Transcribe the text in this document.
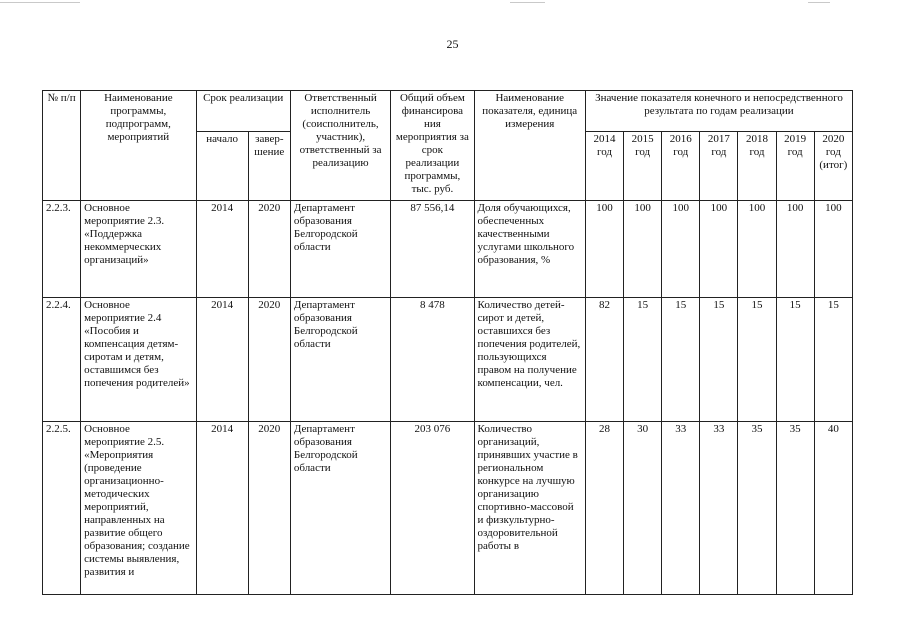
25
№ п/п	Наименование программы, подпрограмм, мероприятий	Срок реализации		Ответственный исполнитель (соисполнитель, участник), ответственный за реализацию	Общий объем финансирова ния мероприятия за срок реализации программы, тыс. руб.	Наименование показателя, единица измерения	Значение показателя конечного и непосредственного результата по годам реализации						
		начало	завер-шение				2014 год	2015 год	2016 год	2017 год	2018 год	2019 год	2020 год (итог)
2.2.3.	Основное мероприятие 2.3. «Поддержка некоммерческих организаций»	2014	2020	Департамент образования Белгородской области	87 556,14	Доля обучающихся, обеспеченных качественными услугами школьного образования, %	100	100	100	100	100	100	100
2.2.4.	Основное мероприятие 2.4 «Пособия и компенсация детям-сиротам и детям, оставшимся без попечения родителей»	2014	2020	Департамент образования Белгородской области	8 478	Количество детей-сирот и детей, оставшихся без попечения родителей, пользующихся правом на получение компенсации, чел.	82	15	15	15	15	15	15
2.2.5.	Основное мероприятие 2.5. «Мероприятия (проведение организационно-методических мероприятий, направленных на развитие общего образования; создание системы выявления, развития и	2014	2020	Департамент образования Белгородской области	203 076	Количество организаций, принявших участие в региональном конкурсе на лучшую организацию спортивно-массовой и физкультурно-оздоровительной работы в	28	30	33	33	35	35	40
